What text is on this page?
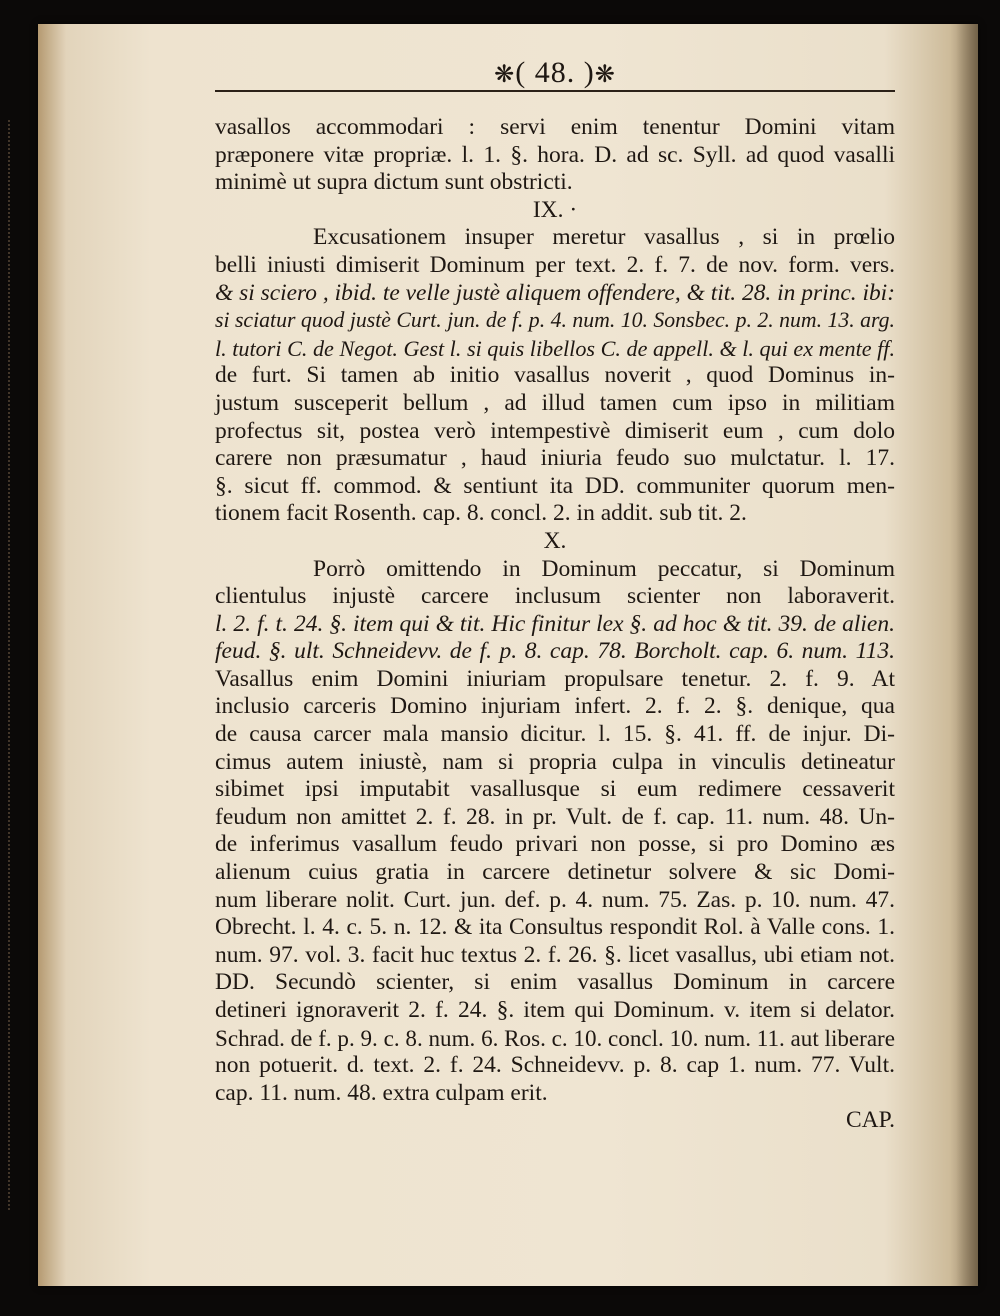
❋( 48. )❋
vasallos accommodari : servi enim tenentur Domini vitam
præponere vitæ propriæ. l. 1. §. hora. D. ad sc. Syll. ad quod vasalli
minimè ut supra dictum sunt obstricti.
IX. ·
Excusationem insuper meretur vasallus , si in prœlio
belli iniusti dimiserit Dominum per text. 2. f. 7. de nov. form. vers.
& si sciero , ibid. te velle justè aliquem offendere, & tit. 28. in princ. ibi:
si sciatur quod justè Curt. jun. de f. p. 4. num. 10. Sonsbec. p. 2. num. 13. arg.
l. tutori C. de Negot. Gest l. si quis libellos C. de appell. & l. qui ex mente ff.
de furt. Si tamen ab initio vasallus noverit , quod Dominus in-
justum susceperit bellum , ad illud tamen cum ipso in militiam
profectus sit, postea verò intempestivè dimiserit eum , cum dolo
carere non præsumatur , haud iniuria feudo suo mulctatur. l. 17.
§. sicut ff. commod. & sentiunt ita DD. communiter quorum men-
tionem facit Rosenth. cap. 8. concl. 2. in addit. sub tit. 2.
X.
Porrò omittendo in Dominum peccatur, si Dominum
clientulus injustè carcere inclusum scienter non laboraverit.
l. 2. f. t. 24. §. item qui & tit. Hic finitur lex §. ad hoc & tit. 39. de alien.
feud. §. ult. Schneidevv. de f. p. 8. cap. 78. Borcholt. cap. 6. num. 113.
Vasallus enim Domini iniuriam propulsare tenetur. 2. f. 9. At
inclusio carceris Domino injuriam infert. 2. f. 2. §. denique, qua
de causa carcer mala mansio dicitur. l. 15. §. 41. ff. de injur. Di-
cimus autem iniustè, nam si propria culpa in vinculis detineatur
sibimet ipsi imputabit vasallusque si eum redimere cessaverit
feudum non amittet 2. f. 28. in pr. Vult. de f. cap. 11. num. 48. Un-
de inferimus vasallum feudo privari non posse, si pro Domino æs
alienum cuius gratia in carcere detinetur solvere & sic Domi-
num liberare nolit. Curt. jun. def. p. 4. num. 75. Zas. p. 10. num. 47.
Obrecht. l. 4. c. 5. n. 12. & ita Consultus respondit Rol. à Valle cons. 1.
num. 97. vol. 3. facit huc textus 2. f. 26. §. licet vasallus, ubi etiam not.
DD. Secundò scienter, si enim vasallus Dominum in carcere
detineri ignoraverit 2. f. 24. §. item qui Dominum. v. item si delator.
Schrad. de f. p. 9. c. 8. num. 6. Ros. c. 10. concl. 10. num. 11. aut liberare
non potuerit. d. text. 2. f. 24. Schneidevv. p. 8. cap 1. num. 77. Vult.
cap. 11. num. 48. extra culpam erit.
CAP.
